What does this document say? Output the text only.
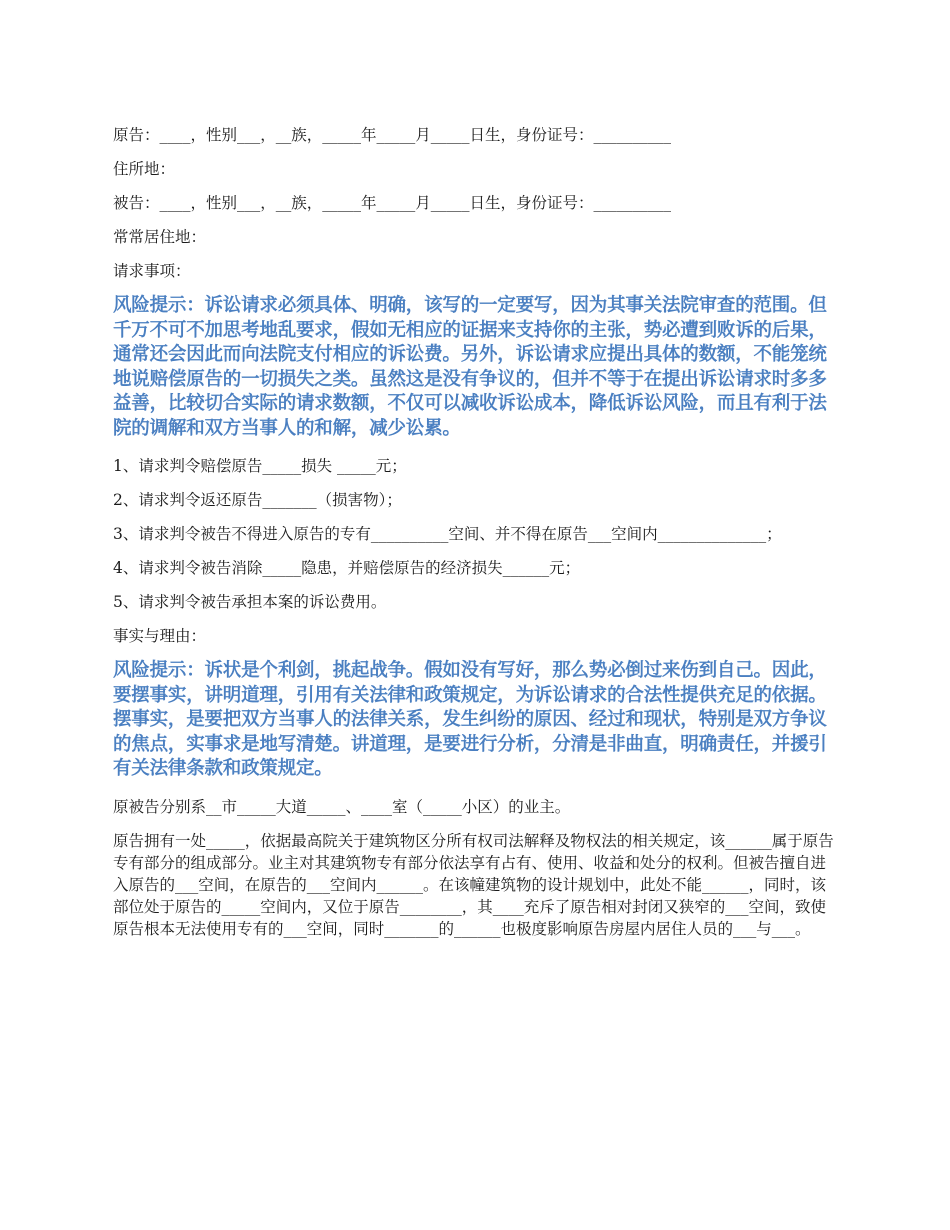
原告：____，性别___，__族，_____年_____月_____日生，身份证号：__________

住所地：

被告：____，性别___，__族，_____年_____月_____日生，身份证号：__________

常常居住地：

请求事项：

风险提示：诉讼请求必须具体、明确，该写的一定要写，因为其事关法院审查的范围。但千万不可不加思考地乱要求，假如无相应的证据来支持你的主张，势必遭到败诉的后果，通常还会因此而向法院支付相应的诉讼费。另外，诉讼请求应提出具体的数额，不能笼统地说赔偿原告的一切损失之类。虽然这是没有争议的，但并不等于在提出诉讼请求时多多益善，比较切合实际的请求数额，不仅可以减收诉讼成本，降低诉讼风险，而且有利于法院的调解和双方当事人的和解，减少讼累。

1、请求判令赔偿原告_____损失 _____元；

2、请求判令返还原告_______（损害物）；

3、请求判令被告不得进入原告的专有__________空间、并不得在原告___空间内______________；

4、请求判令被告消除_____隐患，并赔偿原告的经济损失______元；

5、请求判令被告承担本案的诉讼费用。

事实与理由：

风险提示：诉状是个利剑，挑起战争。假如没有写好，那么势必倒过来伤到自己。因此，要摆事实，讲明道理，引用有关法律和政策规定，为诉讼请求的合法性提供充足的依据。摆事实，是要把双方当事人的法律关系，发生纠纷的原因、经过和现状，特别是双方争议的焦点，实事求是地写清楚。讲道理，是要进行分析，分清是非曲直，明确责任，并援引有关法律条款和政策规定。

原被告分别系__市_____大道_____、____室（_____小区）的业主。

原告拥有一处_____，依据最高院关于建筑物区分所有权司法解释及物权法的相关规定，该______属于原告专有部分的组成部分。业主对其建筑物专有部分依法享有占有、使用、收益和处分的权利。但被告擅自进入原告的___空间，在原告的___空间内______。在该幢建筑物的设计规划中，此处不能______，同时，该部位处于原告的_____空间内，又位于原告________，其____充斥了原告相对封闭又狭窄的___空间，致使原告根本无法使用专有的___空间，同时_______的______也极度影响原告房屋内居住人员的___与___。
